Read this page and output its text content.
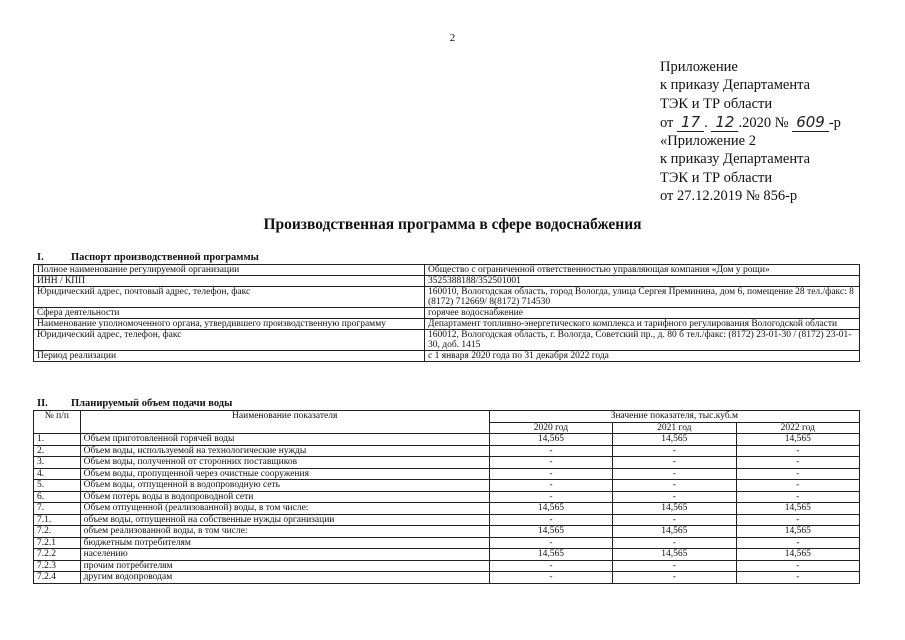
2
Приложение
к приказу Департамента
ТЭК и ТР области
от 17 . 12 .2020 № 609 -р
«Приложение 2
к приказу Департамента
ТЭК и ТР области
от 27.12.2019 № 856-р
Производственная программа в сфере водоснабжения
I.	Паспорт производственной программы
Полное наименование регулируемой организации	Общество с ограниченной ответственностью управляющая компания «Дом у рощи»
ИНН / КПП	3525388188/352501001
Юридический адрес, почтовый адрес, телефон, факс	160010, Вологодская область, город Вологда, улица Сергея Преминина, дом 6, помещение 28 тел./факс: 8 (8172) 712669/ 8(8172) 714530
Сфера деятельности	горячее водоснабжение
Наименование уполномоченного органа, утвердившего производственную программу	Департамент топливно-энергетического комплекса и тарифного регулирования Вологодской области
Юридический адрес, телефон, факс	160012, Вологодская область, г. Вологда, Советский пр., д. 80 б тел./факс: (8172) 23-01-30 / (8172) 23-01-30, доб. 1415
Период реализации	с 1 января 2020 года по 31 декабря 2022 года
II. Планируемый объем подачи воды
№ п/п	Наименование показателя	Значение показателя, тыс.куб.м		
		2020 год	2021 год	2022 год
1.	Объем приготовленной горячей воды	14,565	14,565	14,565
2.	Объем воды, используемой на технологические нужды	-	-	-
3.	Объем воды, полученной от сторонних поставщиков	-	-	-
4.	Объем воды, пропущенной через очистные сооружения	-	-	-
5.	Объем воды, отпущенной в водопроводную сеть	-	-	-
6.	Объем потерь воды в водопроводной сети	-	-	-
7.	Объем отпущенной (реализованной) воды, в том числе:	14,565	14,565	14,565
7.1.	объем воды, отпущенной на собственные нужды организации	-	-	-
7.2.	объем реализованной воды, в том числе:	14,565	14,565	14,565
7.2.1	бюджетным потребителям	-	-	-
7.2.2	населению	14,565	14,565	14,565
7.2.3	прочим потребителям	-	-	-
7.2.4	другим водопроводам	-	-	-
